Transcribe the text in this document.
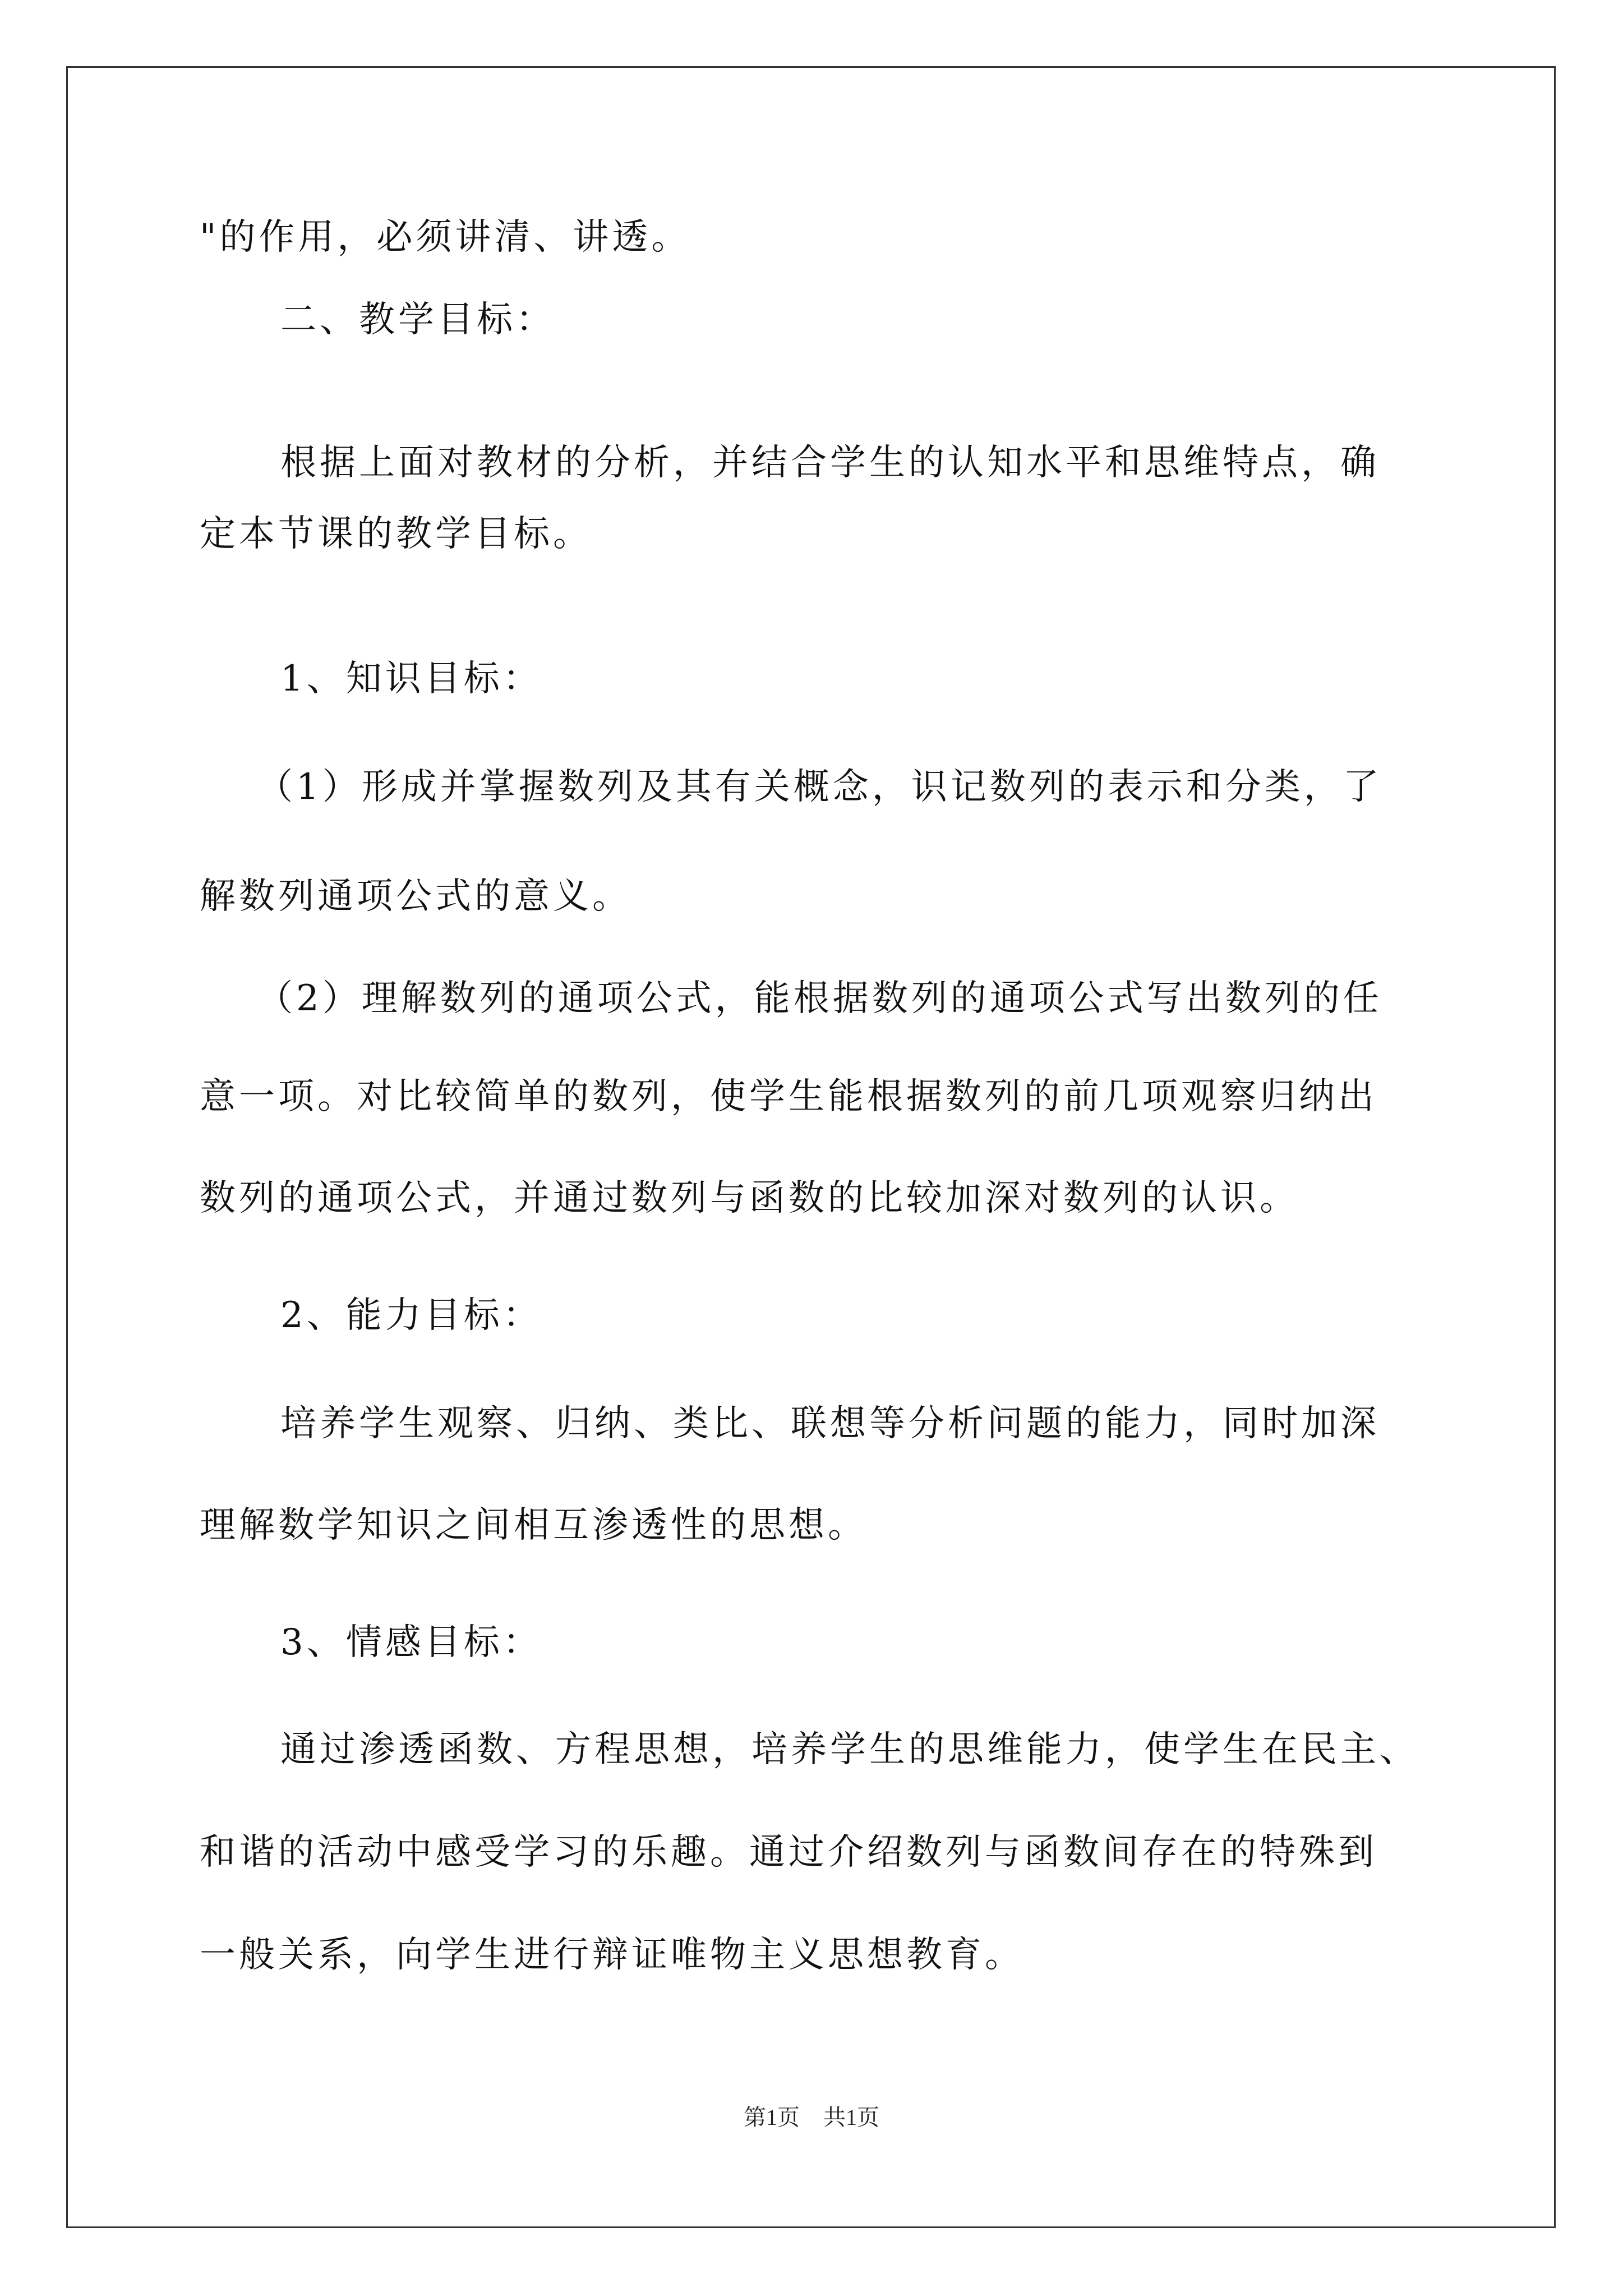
"的作用，必须讲清、讲透。
二、教学目标：
根据上面对教材的分析，并结合学生的认知水平和思维特点，确
定本节课的教学目标。
1、知识目标：
（1）形成并掌握数列及其有关概念，识记数列的表示和分类，了
解数列通项公式的意义。
（2）理解数列的通项公式，能根据数列的通项公式写出数列的任
意一项。对比较简单的数列，使学生能根据数列的前几项观察归纳出
数列的通项公式，并通过数列与函数的比较加深对数列的认识。
2、能力目标：
培养学生观察、归纳、类比、联想等分析问题的能力，同时加深
理解数学知识之间相互渗透性的思想。
3、情感目标：
通过渗透函数、方程思想，培养学生的思维能力，使学生在民主、
和谐的活动中感受学习的乐趣。通过介绍数列与函数间存在的特殊到
一般关系，向学生进行辩证唯物主义思想教育。
第1页 共1页
